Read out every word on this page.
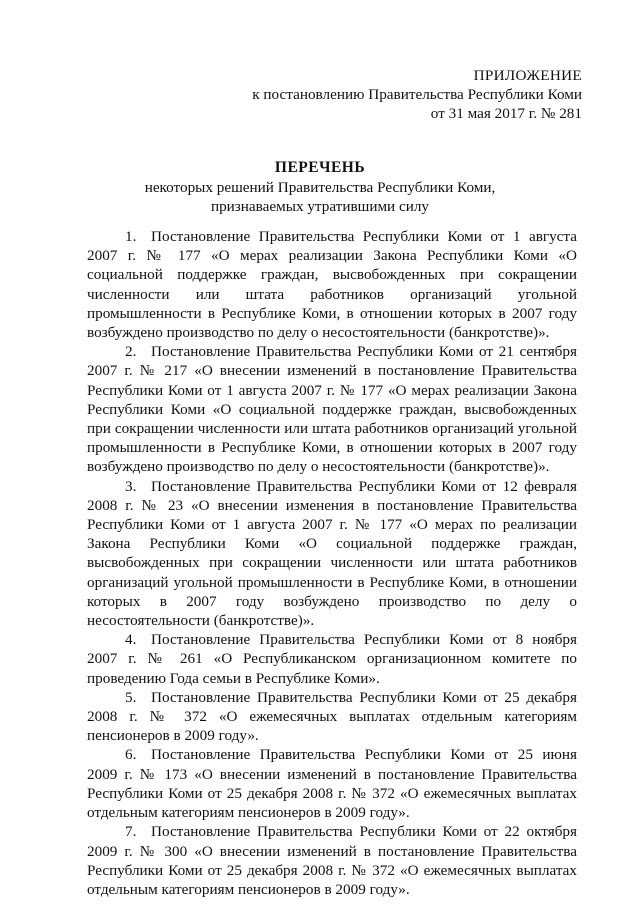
ПРИЛОЖЕНИЕ
к постановлению Правительства Республики Коми
от 31 мая 2017 г. № 281
ПЕРЕЧЕНЬ
некоторых решений Правительства Республики Коми,
признаваемых утратившими силу

1. Постановление Правительства Республики Коми от 1 августа 2007 г. № 177 «О мерах реализации Закона Республики Коми «О социальной поддержке граждан, высвобожденных при сокращении численности или штата работников организаций угольной промышленности в Республике Коми, в отношении которых в 2007 году возбуждено производство по делу о несостоятельности (банкротстве)».

2. Постановление Правительства Республики Коми от 21 сентября 2007 г. № 217 «О внесении изменений в постановление Правительства Республики Коми от 1 августа 2007 г. № 177 «О мерах реализации Закона Республики Коми «О социальной поддержке граждан, высвобожденных при сокращении численности или штата работников организаций угольной промышленности в Республике Коми, в отношении которых в 2007 году возбуждено производство по делу о несостоятельности (банкротстве)».

3. Постановление Правительства Республики Коми от 12 февраля 2008 г. № 23 «О внесении изменения в постановление Правительства Республики Коми от 1 августа 2007 г. № 177 «О мерах по реализации Закона Республики Коми «О социальной поддержке граждан, высвобожденных при сокращении численности или штата работников организаций угольной промышленности в Республике Коми, в отношении которых в 2007 году возбуждено производство по делу о несостоятельности (банкротстве)».

4. Постановление Правительства Республики Коми от 8 ноября 2007 г. № 261 «О Республиканском организационном комитете по проведению Года семьи в Республике Коми».

5. Постановление Правительства Республики Коми от 25 декабря 2008 г. № 372 «О ежемесячных выплатах отдельным категориям пенсионеров в 2009 году».

6. Постановление Правительства Республики Коми от 25 июня 2009 г. № 173 «О внесении изменений в постановление Правительства Республики Коми от 25 декабря 2008 г. № 372 «О ежемесячных выплатах отдельным категориям пенсионеров в 2009 году».

7. Постановление Правительства Республики Коми от 22 октября 2009 г. № 300 «О внесении изменений в постановление Правительства Республики Коми от 25 декабря 2008 г. № 372 «О ежемесячных выплатах отдельным категориям пенсионеров в 2009 году».
